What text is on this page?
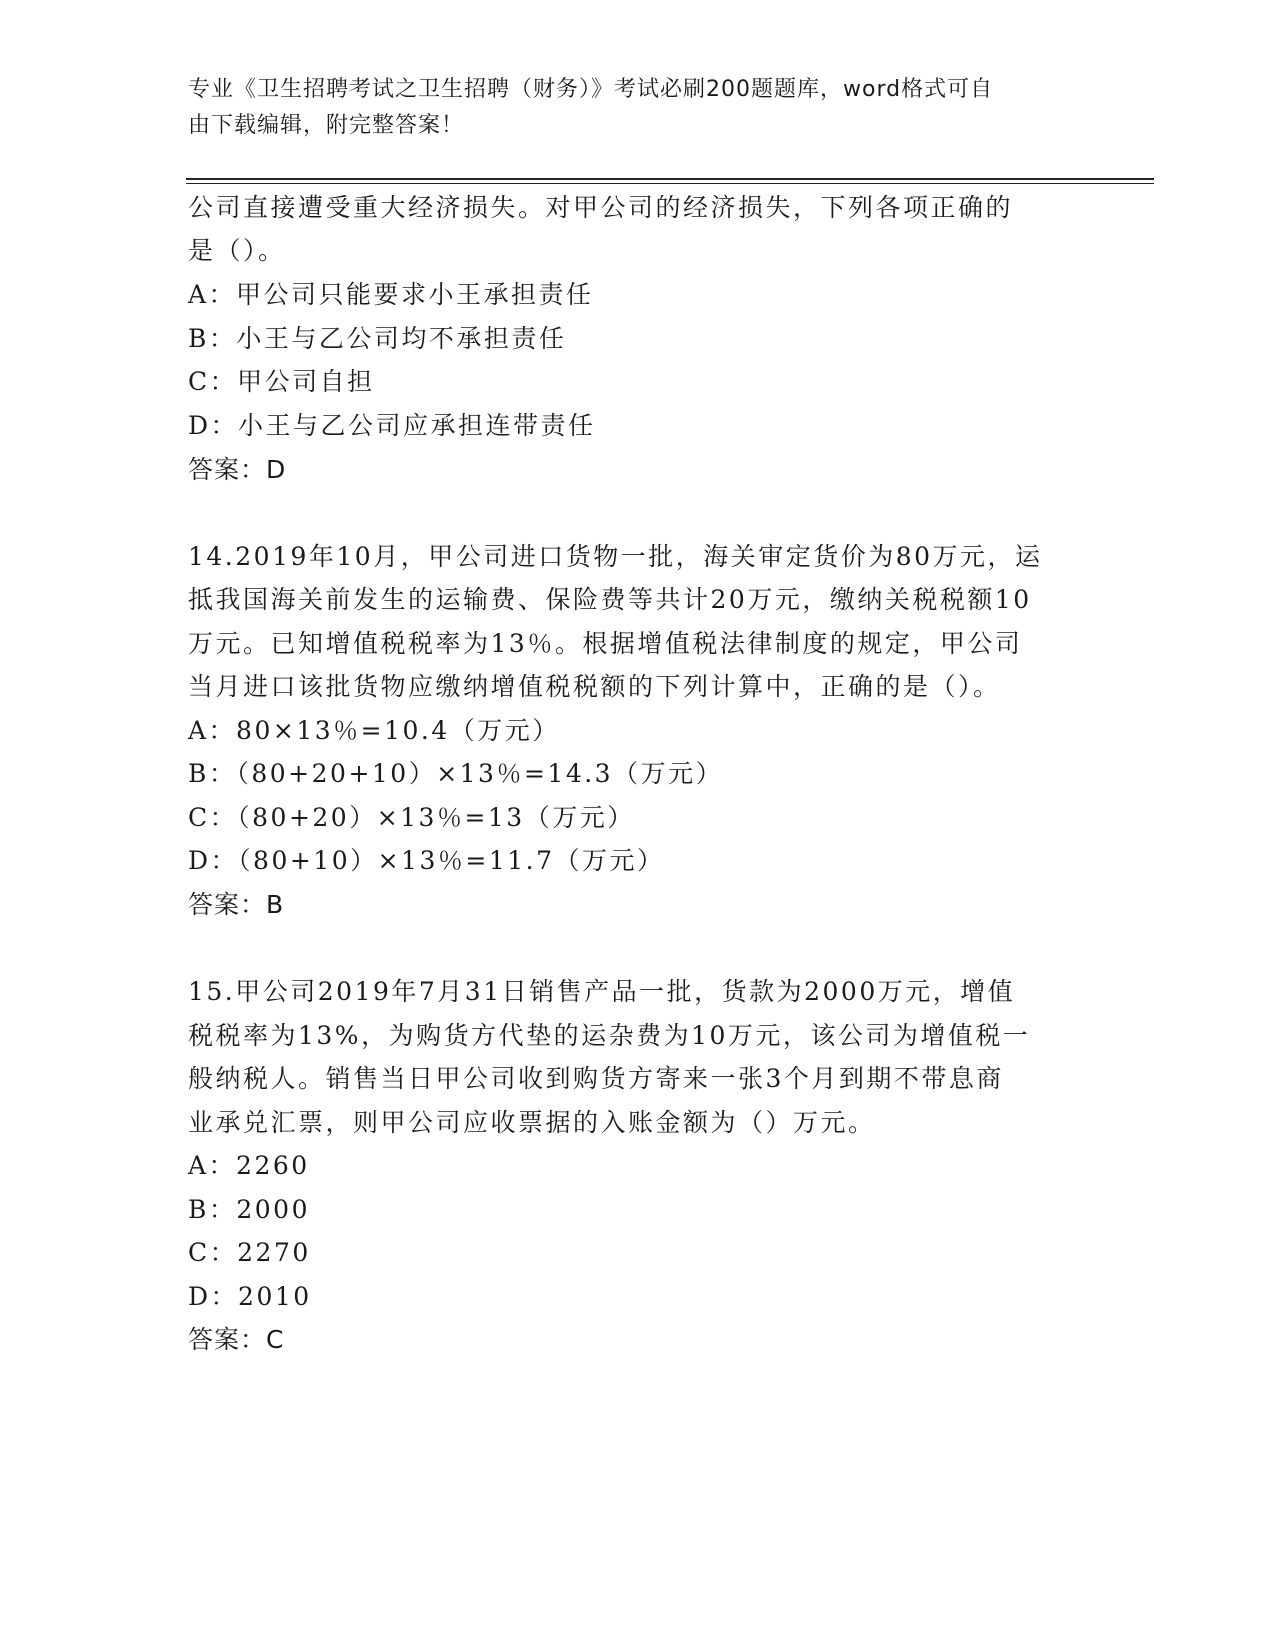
专业《卫生招聘考试之卫生招聘（财务）》考试必刷200题题库，word格式可自
由下载编辑，附完整答案！
公司直接遭受重大经济损失。对甲公司的经济损失，下列各项正确的
是（）。
A：甲公司只能要求小王承担责任
B：小王与乙公司均不承担责任
C：甲公司自担
D：小王与乙公司应承担连带责任
答案：D
14.2019年10月，甲公司进口货物一批，海关审定货价为80万元，运
抵我国海关前发生的运输费、保险费等共计20万元，缴纳关税税额10
万元。已知增值税税率为13％。根据增值税法律制度的规定，甲公司
当月进口该批货物应缴纳增值税税额的下列计算中，正确的是（）。
A：80×13％=10.4（万元）
B：（80+20+10）×13％=14.3（万元）
C：（80+20）×13％=13（万元）
D：（80+10）×13％=11.7（万元）
答案：B
15.甲公司2019年7月31日销售产品一批，货款为2000万元，增值
税税率为13%，为购货方代垫的运杂费为10万元，该公司为增值税一
般纳税人。销售当日甲公司收到购货方寄来一张3个月到期不带息商
业承兑汇票，则甲公司应收票据的入账金额为（）万元。
A：2260
B：2000
C：2270
D：2010
答案：C
